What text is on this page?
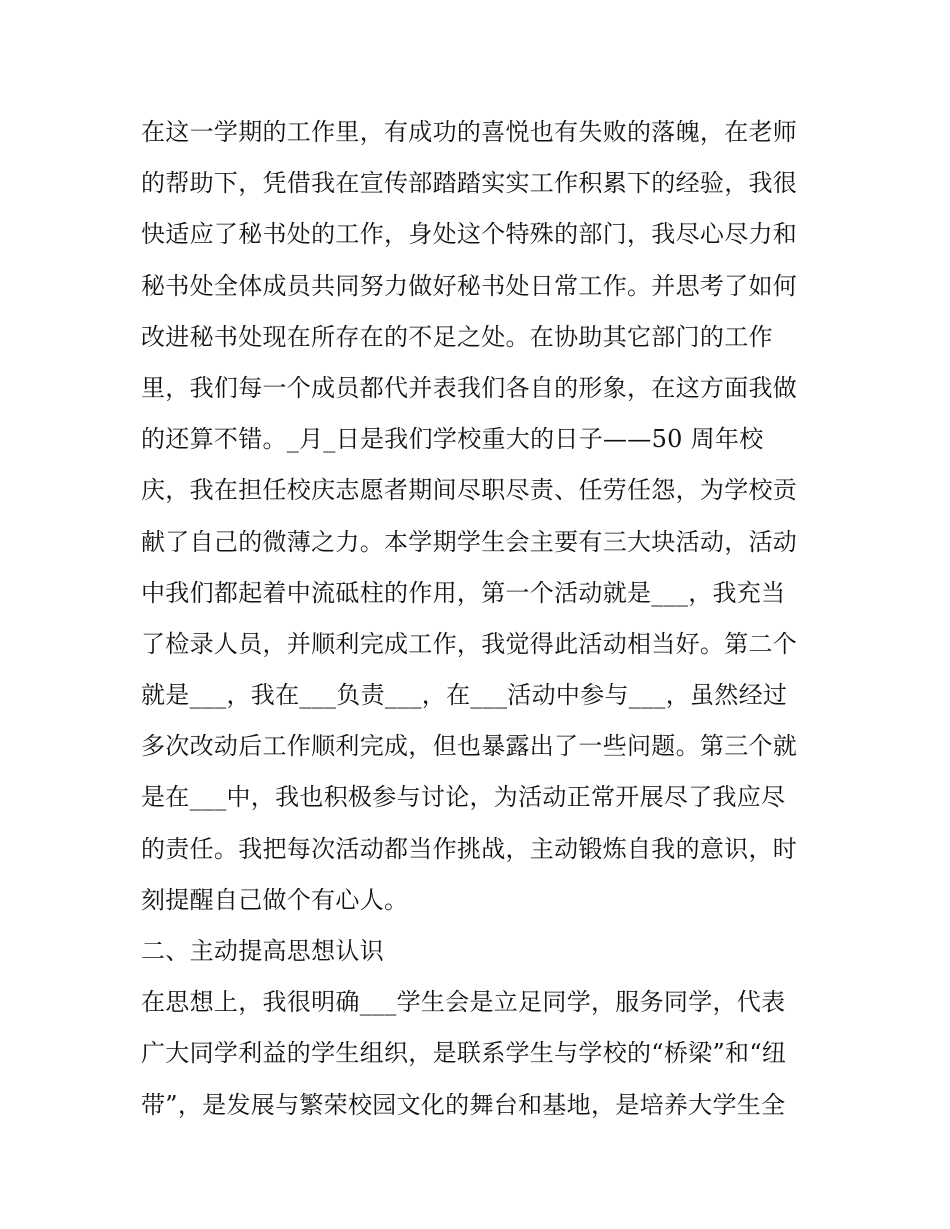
在这一学期的工作里，有成功的喜悦也有失败的落魄，在老师
的帮助下，凭借我在宣传部踏踏实实工作积累下的经验，我很
快适应了秘书处的工作，身处这个特殊的部门，我尽心尽力和
秘书处全体成员共同努力做好秘书处日常工作。并思考了如何
改进秘书处现在所存在的不足之处。在协助其它部门的工作
里，我们每一个成员都代并表我们各自的形象，在这方面我做
的还算不错。_月_日是我们学校重大的日子——50 周年校
庆，我在担任校庆志愿者期间尽职尽责、任劳任怨，为学校贡
献了自己的微薄之力。本学期学生会主要有三大块活动，活动
中我们都起着中流砥柱的作用，第一个活动就是___，我充当
了检录人员，并顺利完成工作，我觉得此活动相当好。第二个
就是___，我在___负责___，在___活动中参与___，虽然经过
多次改动后工作顺利完成，但也暴露出了一些问题。第三个就
是在___中，我也积极参与讨论，为活动正常开展尽了我应尽
的责任。我把每次活动都当作挑战，主动锻炼自我的意识，时
刻提醒自己做个有心人。
二、主动提高思想认识
在思想上，我很明确___学生会是立足同学，服务同学，代表
广大同学利益的学生组织，是联系学生与学校的“桥梁”和“纽
带”，是发展与繁荣校园文化的舞台和基地，是培养大学生全
